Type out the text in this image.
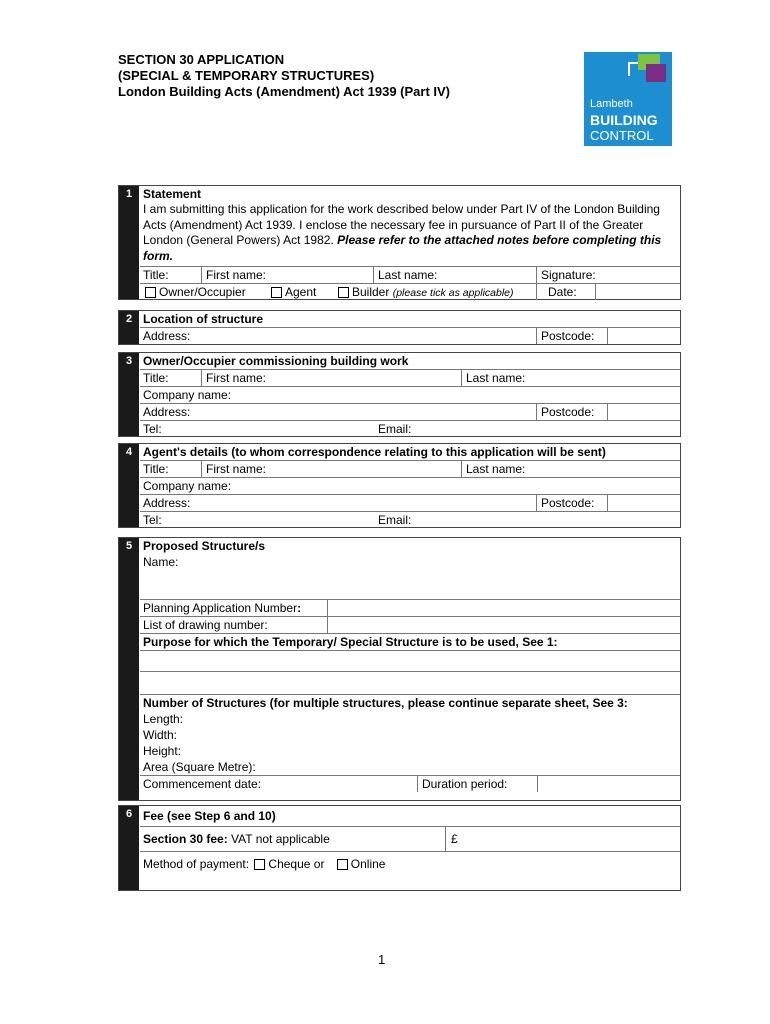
SECTION 30 APPLICATION
(SPECIAL & TEMPORARY STRUCTURES)
London Building Acts (Amendment) Act 1939 (Part IV)
Lambeth
BUILDING
CONTROL
1 Statement
I am submitting this application for the work described below under Part IV of the London Building Acts (Amendment) Act 1939. I enclose the necessary fee in pursuance of Part II of the Greater London (General Powers) Act 1982. Please refer to the attached notes before completing this form.
Title:	First name:	Last name:	Signature:
Owner/Occupier	Agent	Builder (please tick as applicable)	Date:
2 Location of structure
Address:	Postcode:
3 Owner/Occupier commissioning building work
Title:	First name:	Last name:
Company name:
Address:	Postcode:
Tel:	Email:
4 Agent's details (to whom correspondence relating to this application will be sent)
Title:	First name:	Last name:
Company name:
Address:	Postcode:
Tel:	Email:
5 Proposed Structure/s
Name:
Planning Application Number:
List of drawing number:
Purpose for which the Temporary/ Special Structure is to be used, See 1:
Number of Structures (for multiple structures, please continue separate sheet, See 3:
Length:
Width:
Height:
Area (Square Metre):
Commencement date:	Duration period:
6 Fee (see Step 6 and 10)
Section 30 fee: VAT not applicable	£
Method of payment: Cheque or Online
1
